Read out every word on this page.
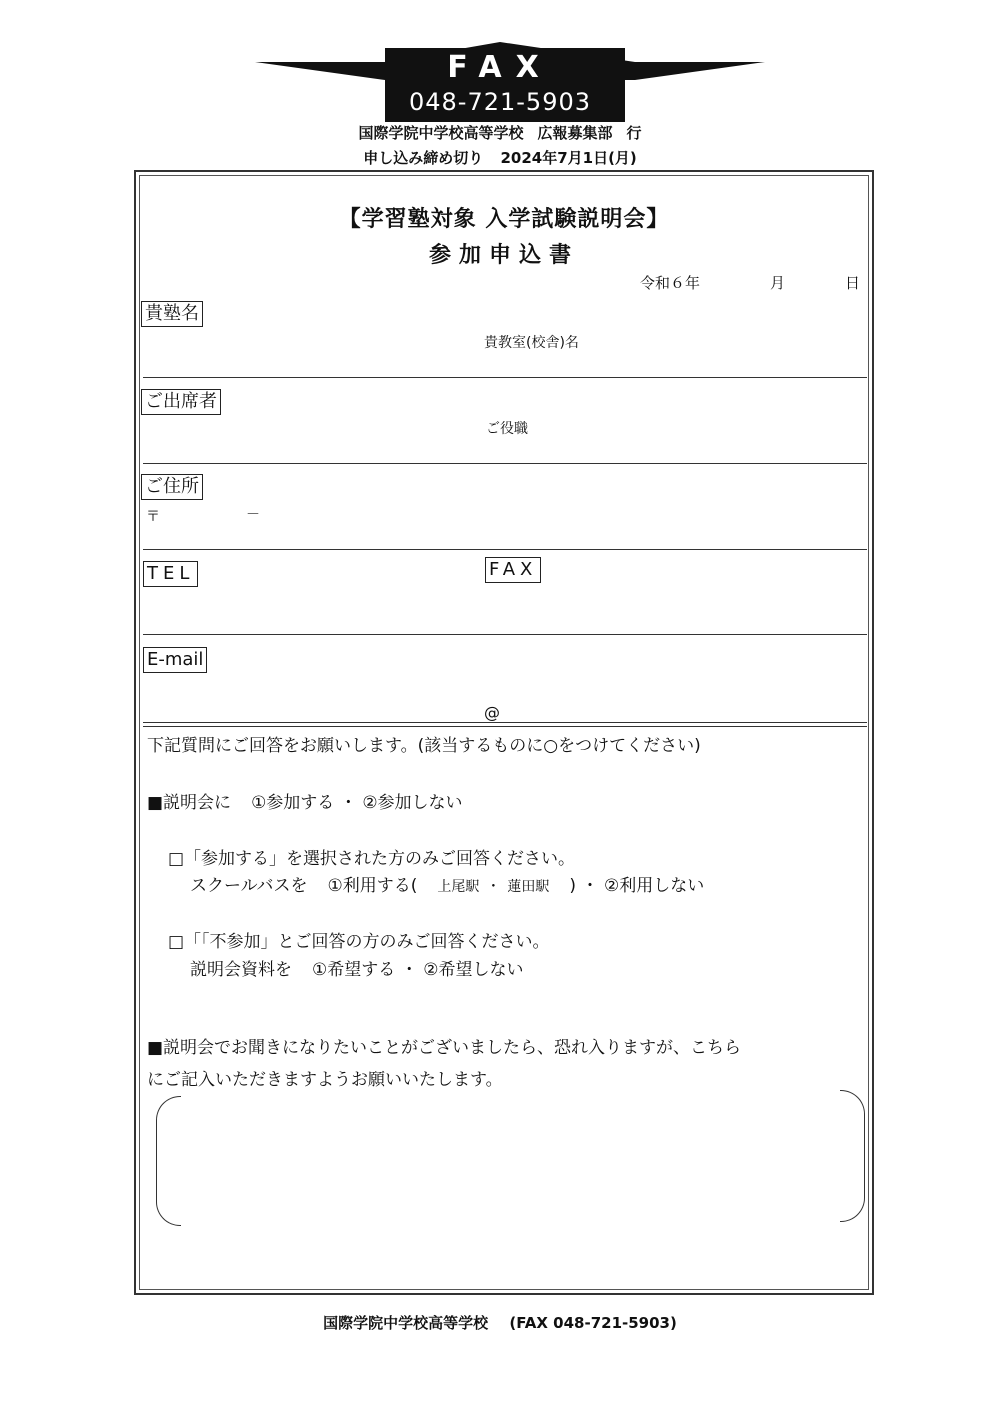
FAX
048-721-5903
国際学院中学校高等学校 広報募集部 行
申し込み締め切り 2024年7月1日(月)
【学習塾対象 入学試験説明会】
参加申込書
令和６年	月	日
貴塾名
貴教室(校舎)名
ご出席者
ご役職
ご住所
〒	－
TEL	FAX
E-mail
@
下記質問にご回答をお願いします。(該当するものに○をつけてください)
■説明会に ①参加する ・ ②参加しない
□「参加する」を選択された方のみご回答ください。
スクールバスを ①利用する( 上尾駅 ・ 蓮田駅 ) ・ ②利用しない
□「「不参加」とご回答の方のみご回答ください。
説明会資料を ①希望する ・ ②希望しない
■説明会でお聞きになりたいことがございましたら、恐れ入りますが、こちら
にご記入いただきますようお願いいたします。
国際学院中学校高等学校 (FAX 048-721-5903)
